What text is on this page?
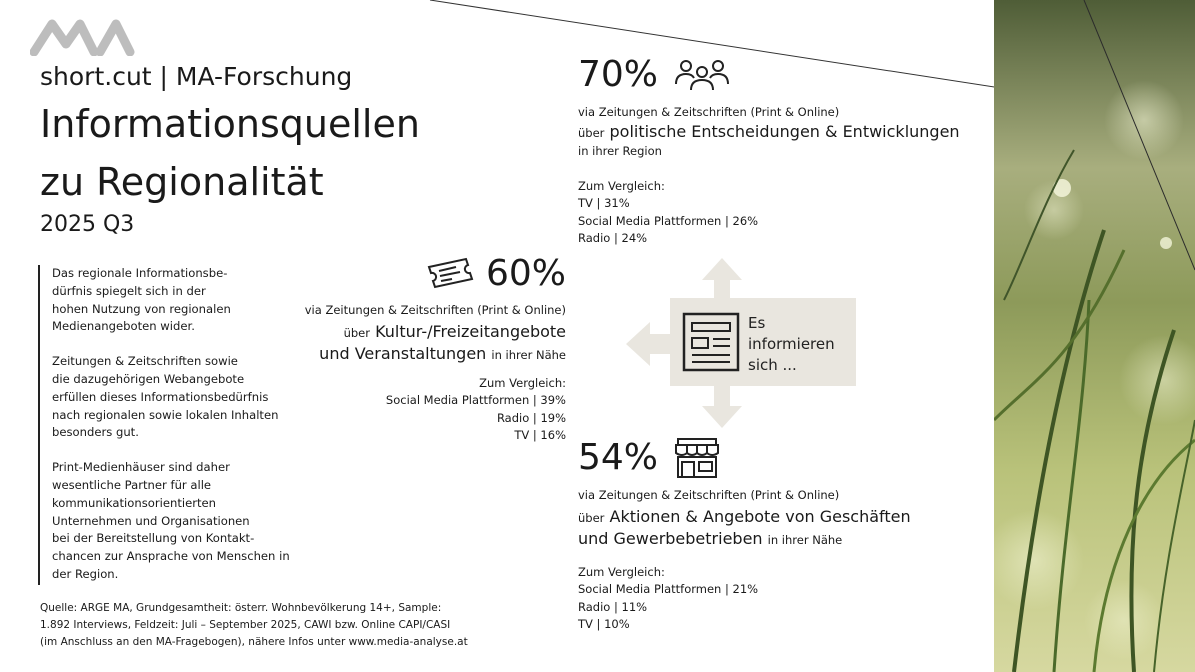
short.cut | MA-Forschung
Informationsquellen
zu Regionalität
2025 Q3

Das regionale Informationsbe-
dürfnis spiegelt sich in der
hohen Nutzung von regionalen
Medienangeboten wider.

Zeitungen & Zeitschriften sowie
die dazugehörigen Webangebote
erfüllen dieses Informationsbedürfnis
nach regionalen sowie lokalen Inhalten
besonders gut.

Print-Medienhäuser sind daher
wesentliche Partner für alle
kommunikationsorientierten
Unternehmen und Organisationen
bei der Bereitstellung von Kontakt-
chancen zur Ansprache von Menschen in
der Region.

Quelle: ARGE MA, Grundgesamtheit: österr. Wohnbevölkerung 14+, Sample:
1.892 Interviews, Feldzeit: Juli – September 2025, CAWI bzw. Online CAPI/CASI
(im Anschluss an den MA-Fragebogen), nähere Infos unter www.media-analyse.at
60%
via Zeitungen & Zeitschriften (Print & Online)
über Kultur-/Freizeitangebote
und Veranstaltungen in ihrer Nähe
Zum Vergleich:
Social Media Plattformen | 39%
Radio | 19%
TV | 16%
70%
via Zeitungen & Zeitschriften (Print & Online)
über politische Entscheidungen & Entwicklungen
in ihrer Region
Zum Vergleich:
TV | 31%
Social Media Plattformen | 26%
Radio | 24%
Es
informieren
sich ...
54%
via Zeitungen & Zeitschriften (Print & Online)
über Aktionen & Angebote von Geschäften
und Gewerbebetrieben in ihrer Nähe
Zum Vergleich:
Social Media Plattformen | 21%
Radio | 11%
TV | 10%
